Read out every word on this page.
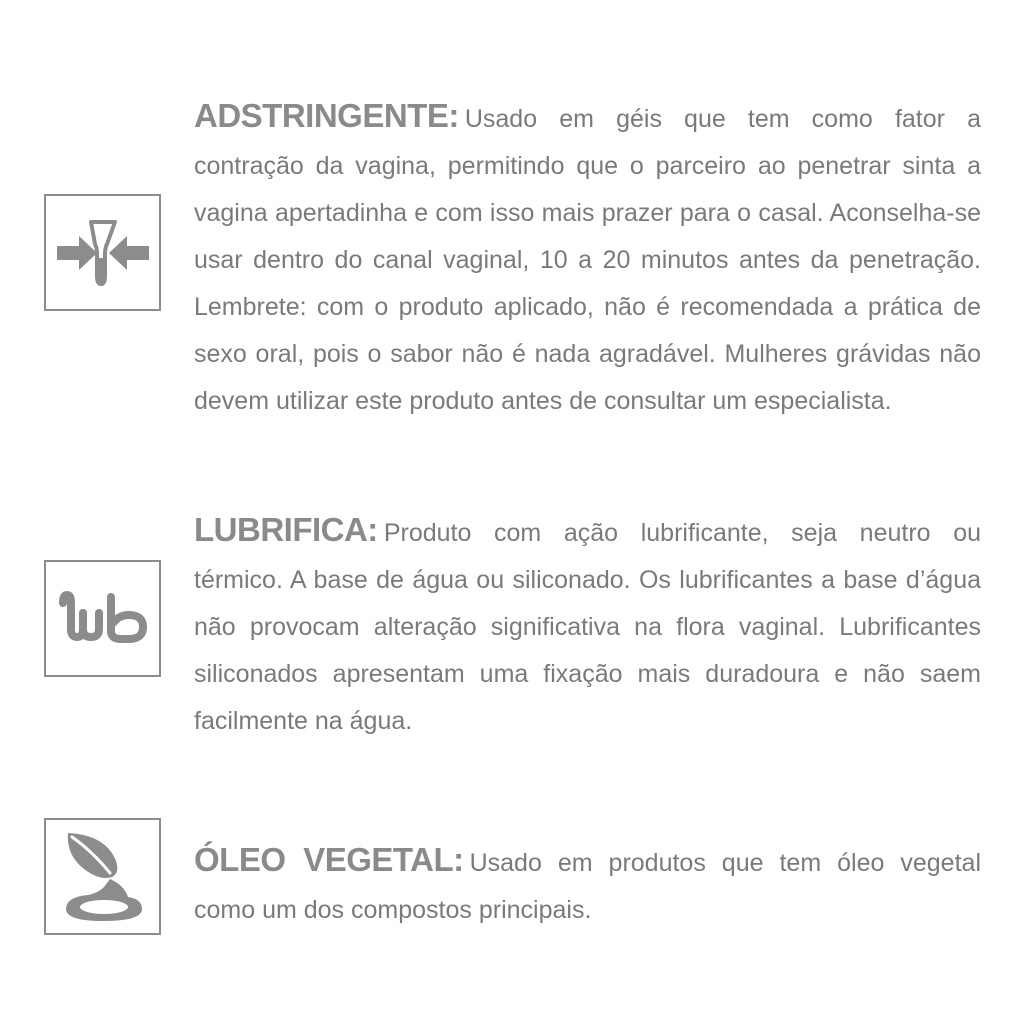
ADSTRINGENTE: Usado em géis que tem como fator a contração da vagina, permitindo que o parceiro ao penetrar sinta a vagina apertadinha e com isso mais prazer para o casal. Aconselha-se usar dentro do canal vaginal, 10 a 20 minutos antes da penetração. Lembrete: com o produto aplicado, não é recomendada a prática de sexo oral, pois o sabor não é nada agradável. Mulheres grávidas não devem utilizar este produto antes de consultar um especialista.
LUBRIFICA: Produto com ação lubrificante, seja neutro ou térmico. A base de água ou siliconado. Os lubrificantes a base d’água não provocam alteração significativa na flora vaginal. Lubrificantes siliconados apresentam uma fixação mais duradoura e não saem facilmente na água.
ÓLEO VEGETAL: Usado em produtos que tem óleo vegetal como um dos compostos principais.
